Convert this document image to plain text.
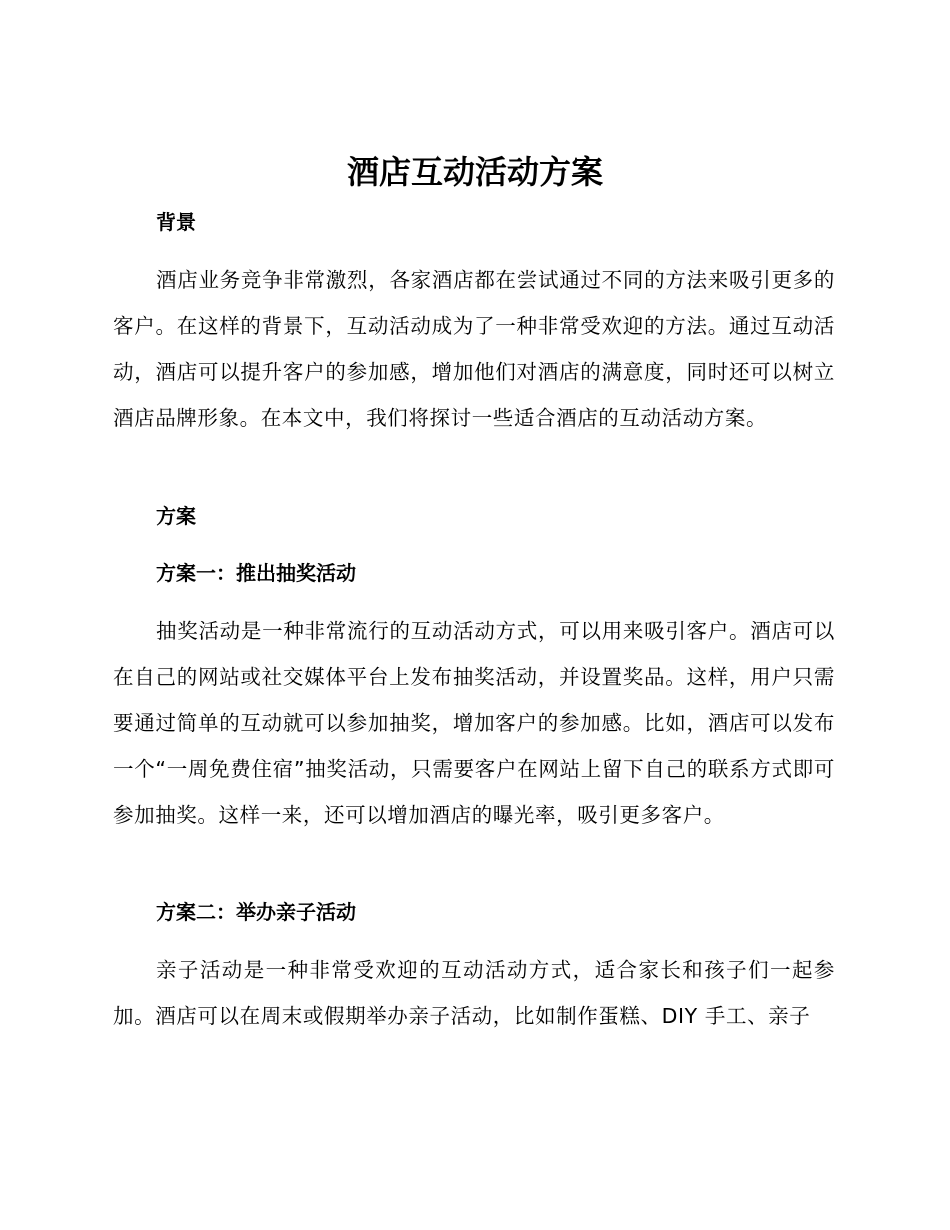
酒店互动活动方案
背景

酒店业务竞争非常激烈，各家酒店都在尝试通过不同的方法来吸引更多的客户。在这样的背景下，互动活动成为了一种非常受欢迎的方法。通过互动活动，酒店可以提升客户的参加感，增加他们对酒店的满意度，同时还可以树立酒店品牌形象。在本文中，我们将探讨一些适合酒店的互动活动方案。

方案
方案一：推出抽奖活动

抽奖活动是一种非常流行的互动活动方式，可以用来吸引客户。酒店可以在自己的网站或社交媒体平台上发布抽奖活动，并设置奖品。这样，用户只需要通过简单的互动就可以参加抽奖，增加客户的参加感。比如，酒店可以发布一个“一周免费住宿”抽奖活动，只需要客户在网站上留下自己的联系方式即可参加抽奖。这样一来，还可以增加酒店的曝光率，吸引更多客户。

方案二：举办亲子活动

亲子活动是一种非常受欢迎的互动活动方式，适合家长和孩子们一起参加。酒店可以在周末或假期举办亲子活动，比如制作蛋糕、DIY 手工、亲子
